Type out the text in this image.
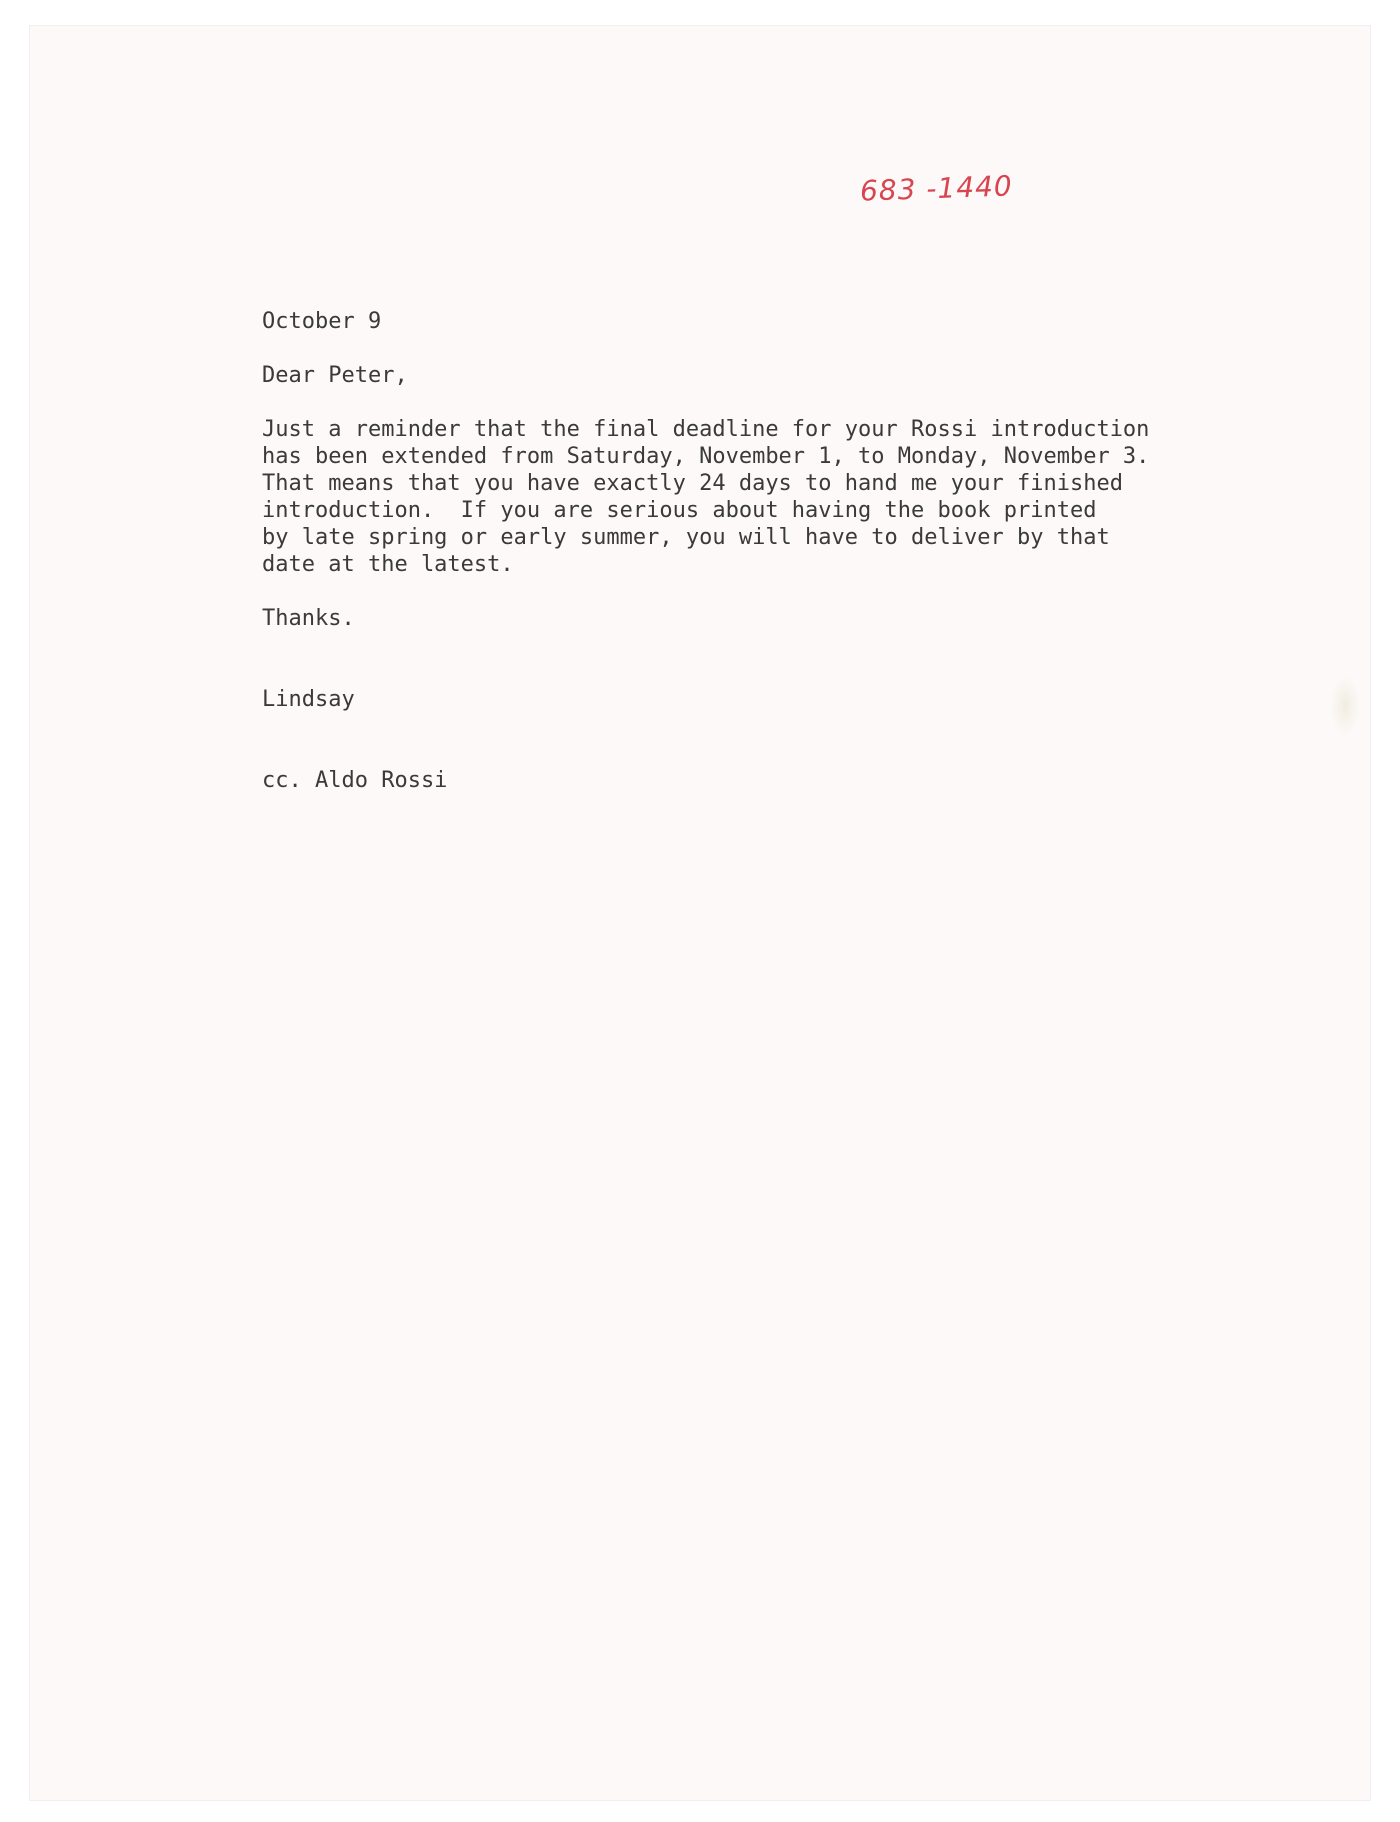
683 -1440

October 9

Dear Peter,

Just a reminder that the final deadline for your Rossi introduction

has been extended from Saturday, November 1, to Monday, November 3.

That means that you have exactly 24 days to hand me your finished

introduction.  If you are serious about having the book printed

by late spring or early summer, you will have to deliver by that

date at the latest.

Thanks.

Lindsay

cc. Aldo Rossi
